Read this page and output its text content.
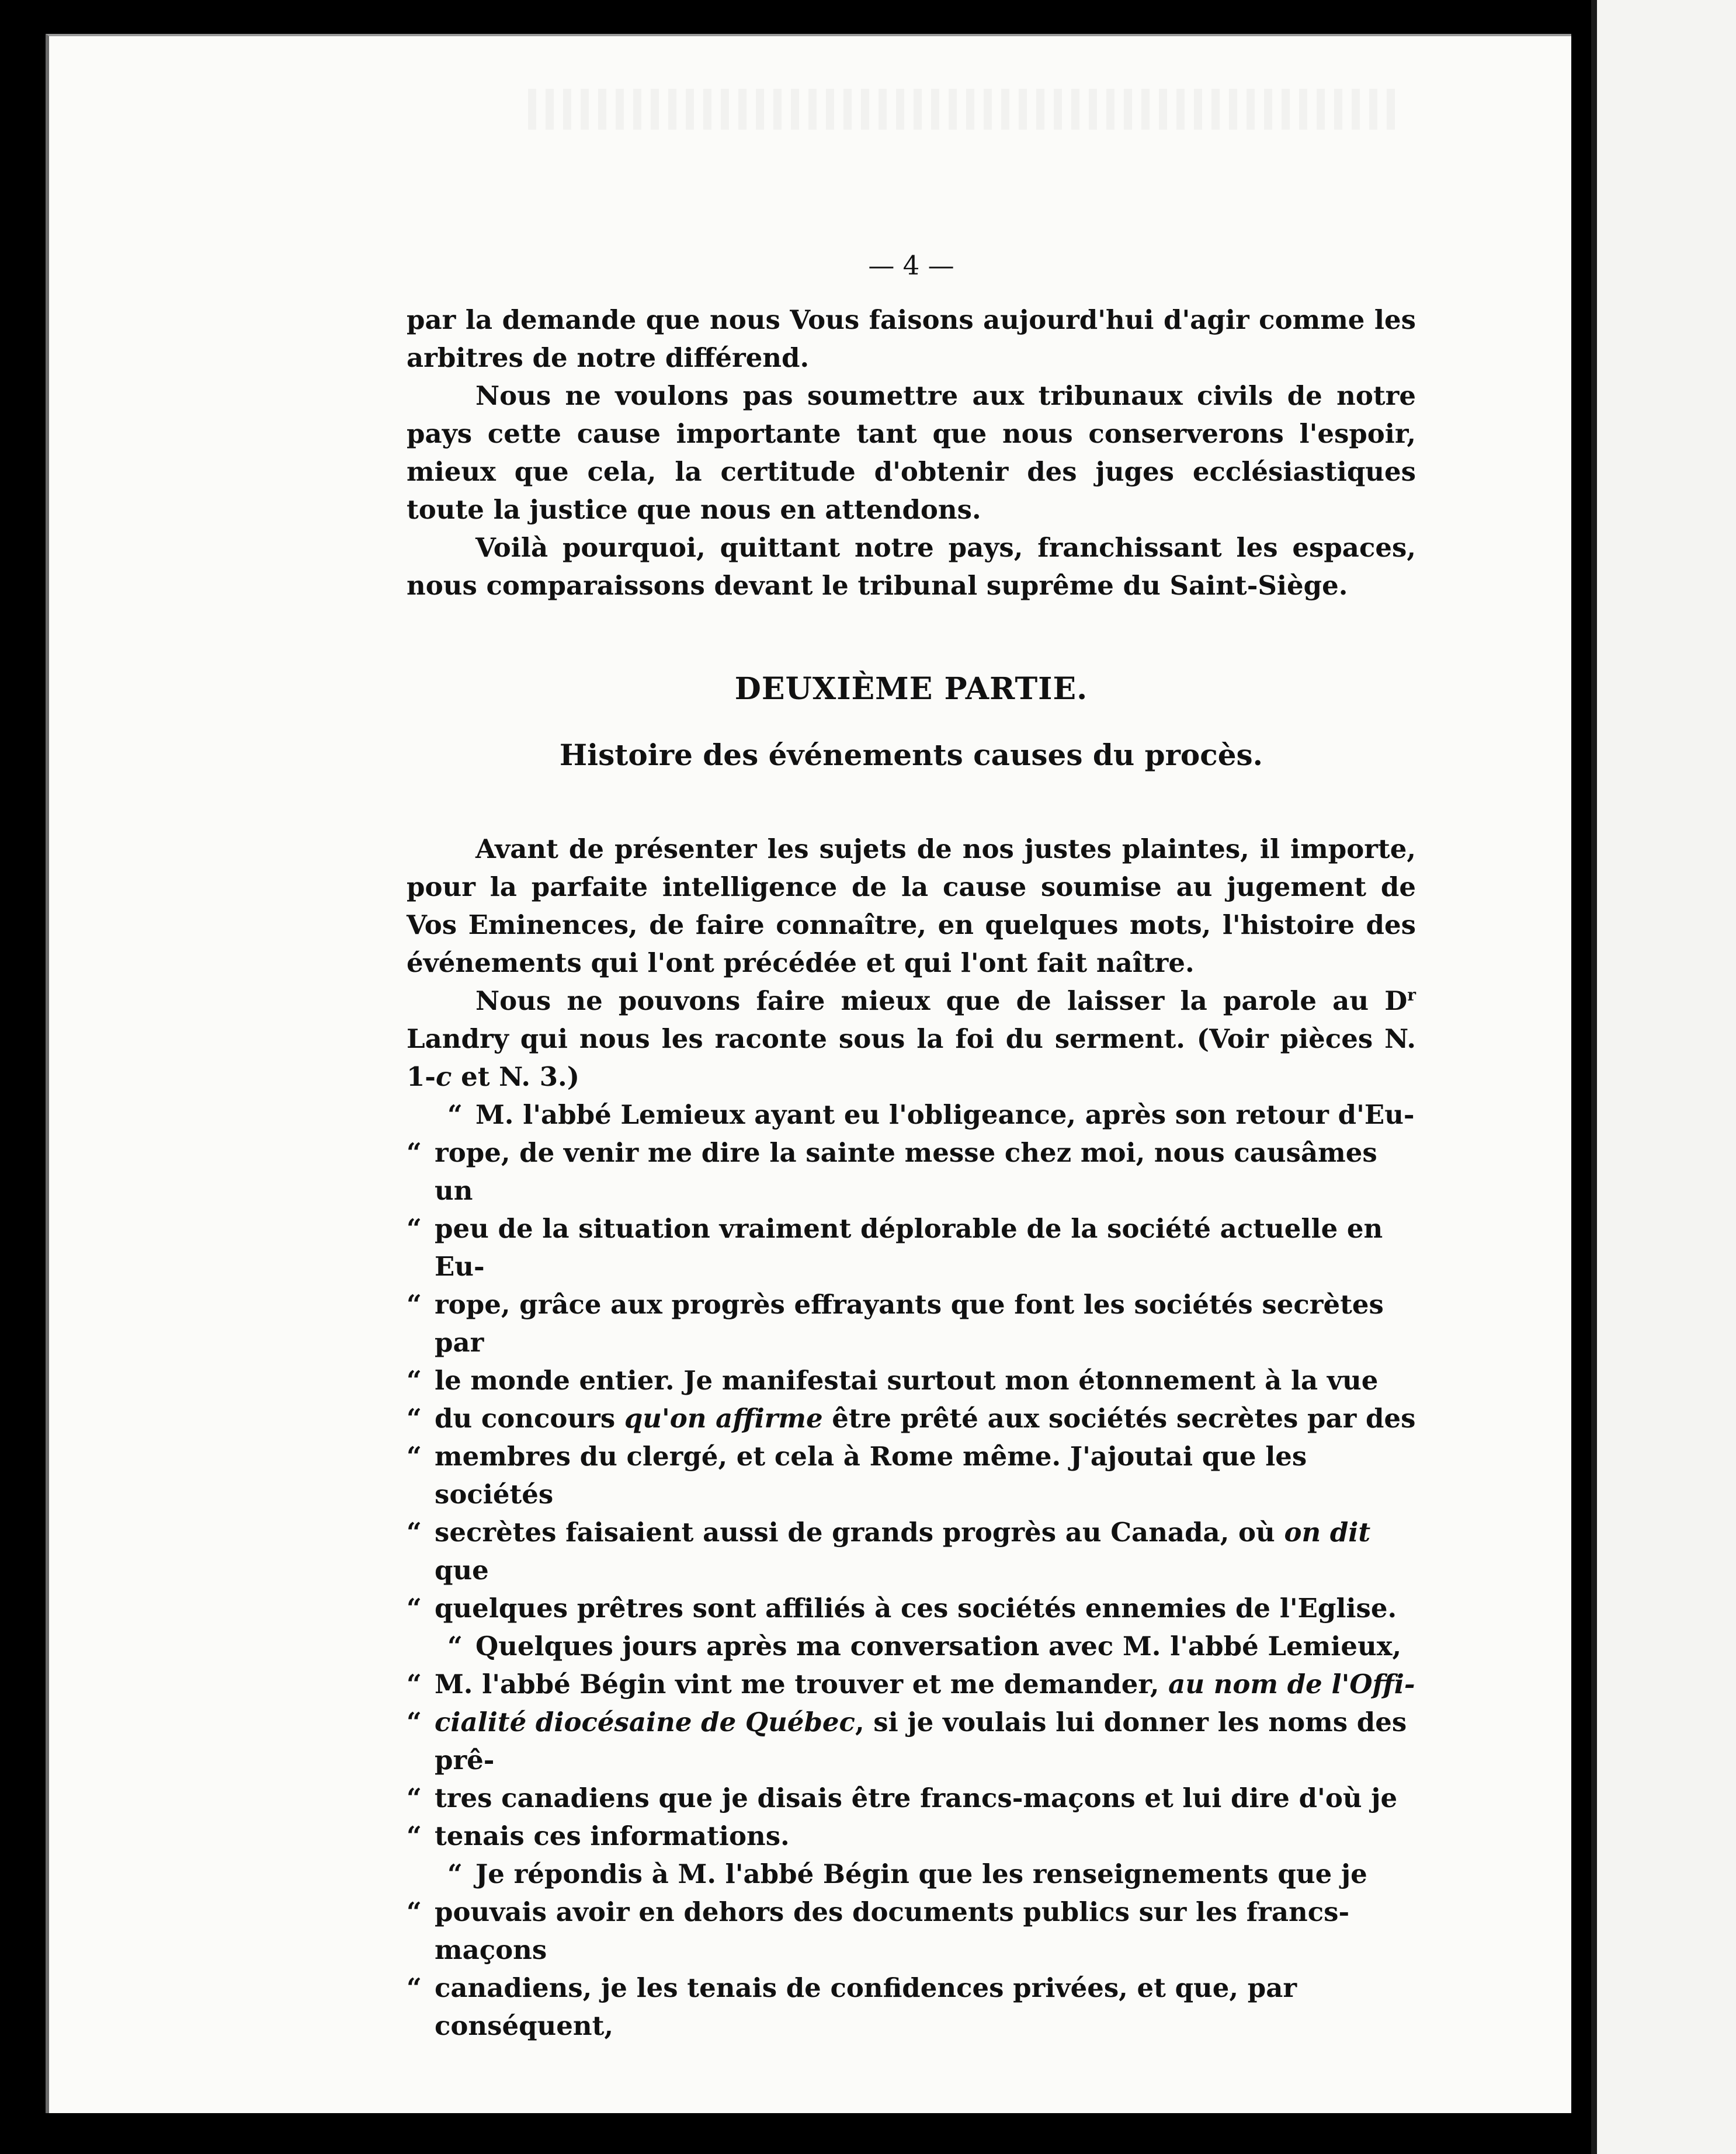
— 4 —

par la demande que nous Vous faisons aujourd'hui d'agir comme les arbitres de notre différend.

Nous ne voulons pas soumettre aux tribunaux civils de notre pays cette cause importante tant que nous conserverons l'espoir, mieux que cela, la certitude d'obtenir des juges ecclésiastiques toute la justice que nous en attendons.

Voilà pourquoi, quittant notre pays, franchissant les espaces, nous comparaissons devant le tribunal suprême du Saint-Siège.

DEUXIÈME PARTIE.
Histoire des événements causes du procès.

Avant de présenter les sujets de nos justes plaintes, il importe, pour la parfaite intelligence de la cause soumise au jugement de Vos Eminences, de faire connaître, en quelques mots, l'histoire des événements qui l'ont précédée et qui l'ont fait naître.

Nous ne pouvons faire mieux que de laisser la parole au $D^r$ Landry qui nous les raconte sous la foi du serment. (Voir pièces N. 1-c et N. 3.)

“ M. l'abbé Lemieux ayant eu l'obligeance, après son retour d'Eu-
“ rope, de venir me dire la sainte messe chez moi, nous causâmes un
“ peu de la situation vraiment déplorable de la société actuelle en Eu-
“ rope, grâce aux progrès effrayants que font les sociétés secrètes par
“ le monde entier. Je manifestai surtout mon étonnement à la vue
“ du concours qu'on affirme être prêté aux sociétés secrètes par des
“ membres du clergé, et cela à Rome même. J'ajoutai que les sociétés
“ secrètes faisaient aussi de grands progrès au Canada, où on dit que
“ quelques prêtres sont affiliés à ces sociétés ennemies de l'Eglise.
“ Quelques jours après ma conversation avec M. l'abbé Lemieux,
“ M. l'abbé Bégin vint me trouver et me demander, au nom de l'Offi-
“ cialité diocésaine de Québec, si je voulais lui donner les noms des prê-
“ tres canadiens que je disais être francs-maçons et lui dire d'où je
“ tenais ces informations.
“ Je répondis à M. l'abbé Bégin que les renseignements que je
“ pouvais avoir en dehors des documents publics sur les francs-maçons
“ canadiens, je les tenais de confidences privées, et que, par conséquent,
